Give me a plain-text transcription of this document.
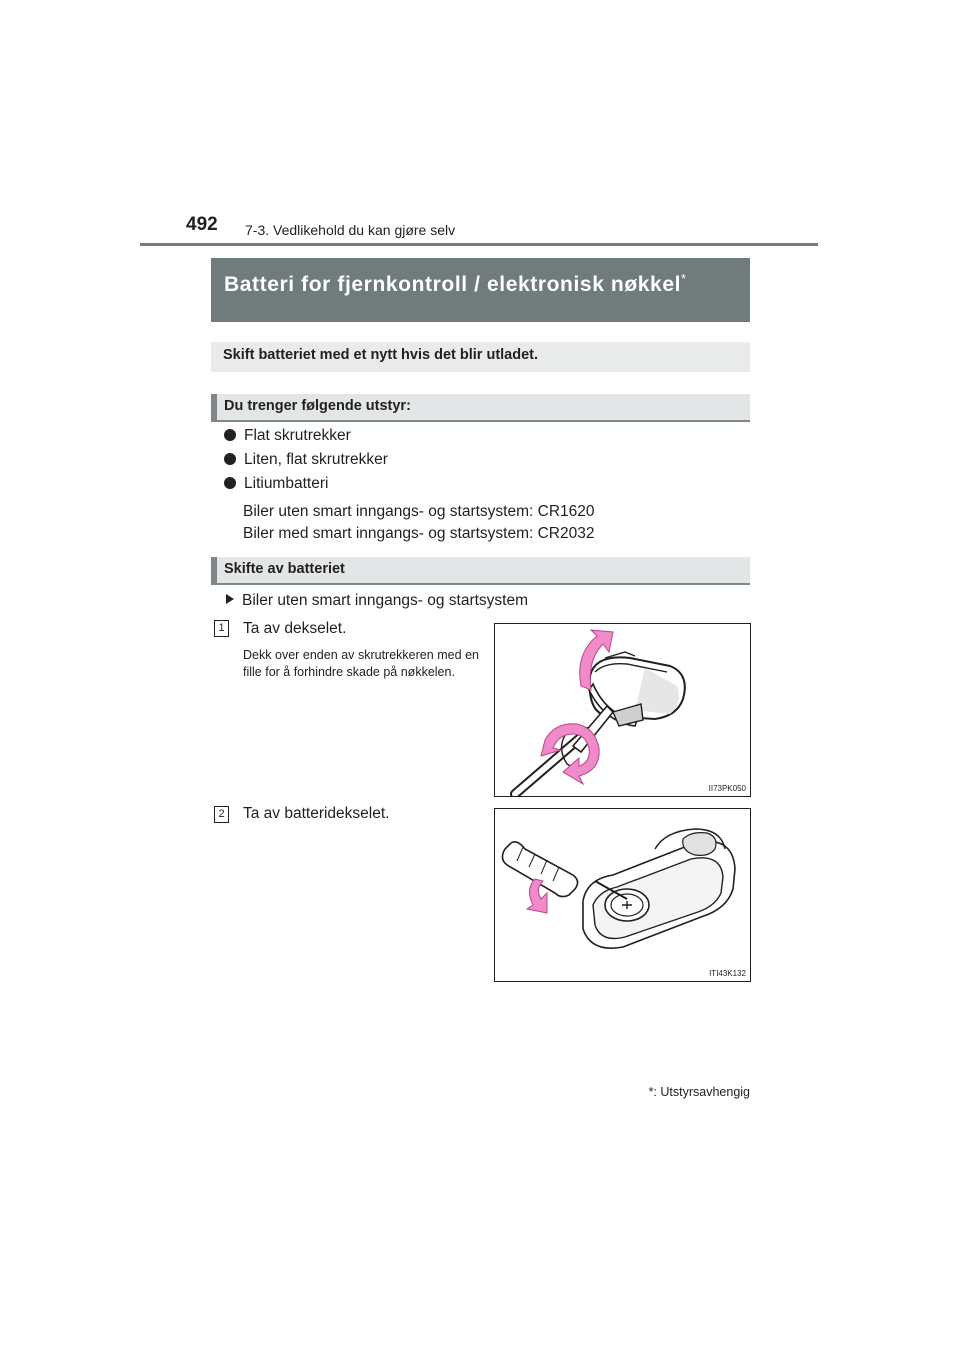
492 7-3. Vedlikehold du kan gjøre selv
Batteri for fjernkontroll / elektronisk nøkkel*
Skift batteriet med et nytt hvis det blir utladet.
Du trenger følgende utstyr:
Flat skrutrekker
Liten, flat skrutrekker
Litiumbatteri
Biler uten smart inngangs- og startsystem: CR1620
Biler med smart inngangs- og startsystem: CR2032
Skifte av batteriet
Biler uten smart inngangs- og startsystem
1 Ta av dekselet.
Dekk over enden av skrutrekkeren med en fille for å forhindre skade på nøkkelen.
II73PK050
2 Ta av batteridekselet.
ITI43K132
*: Utstyrsavhengig
